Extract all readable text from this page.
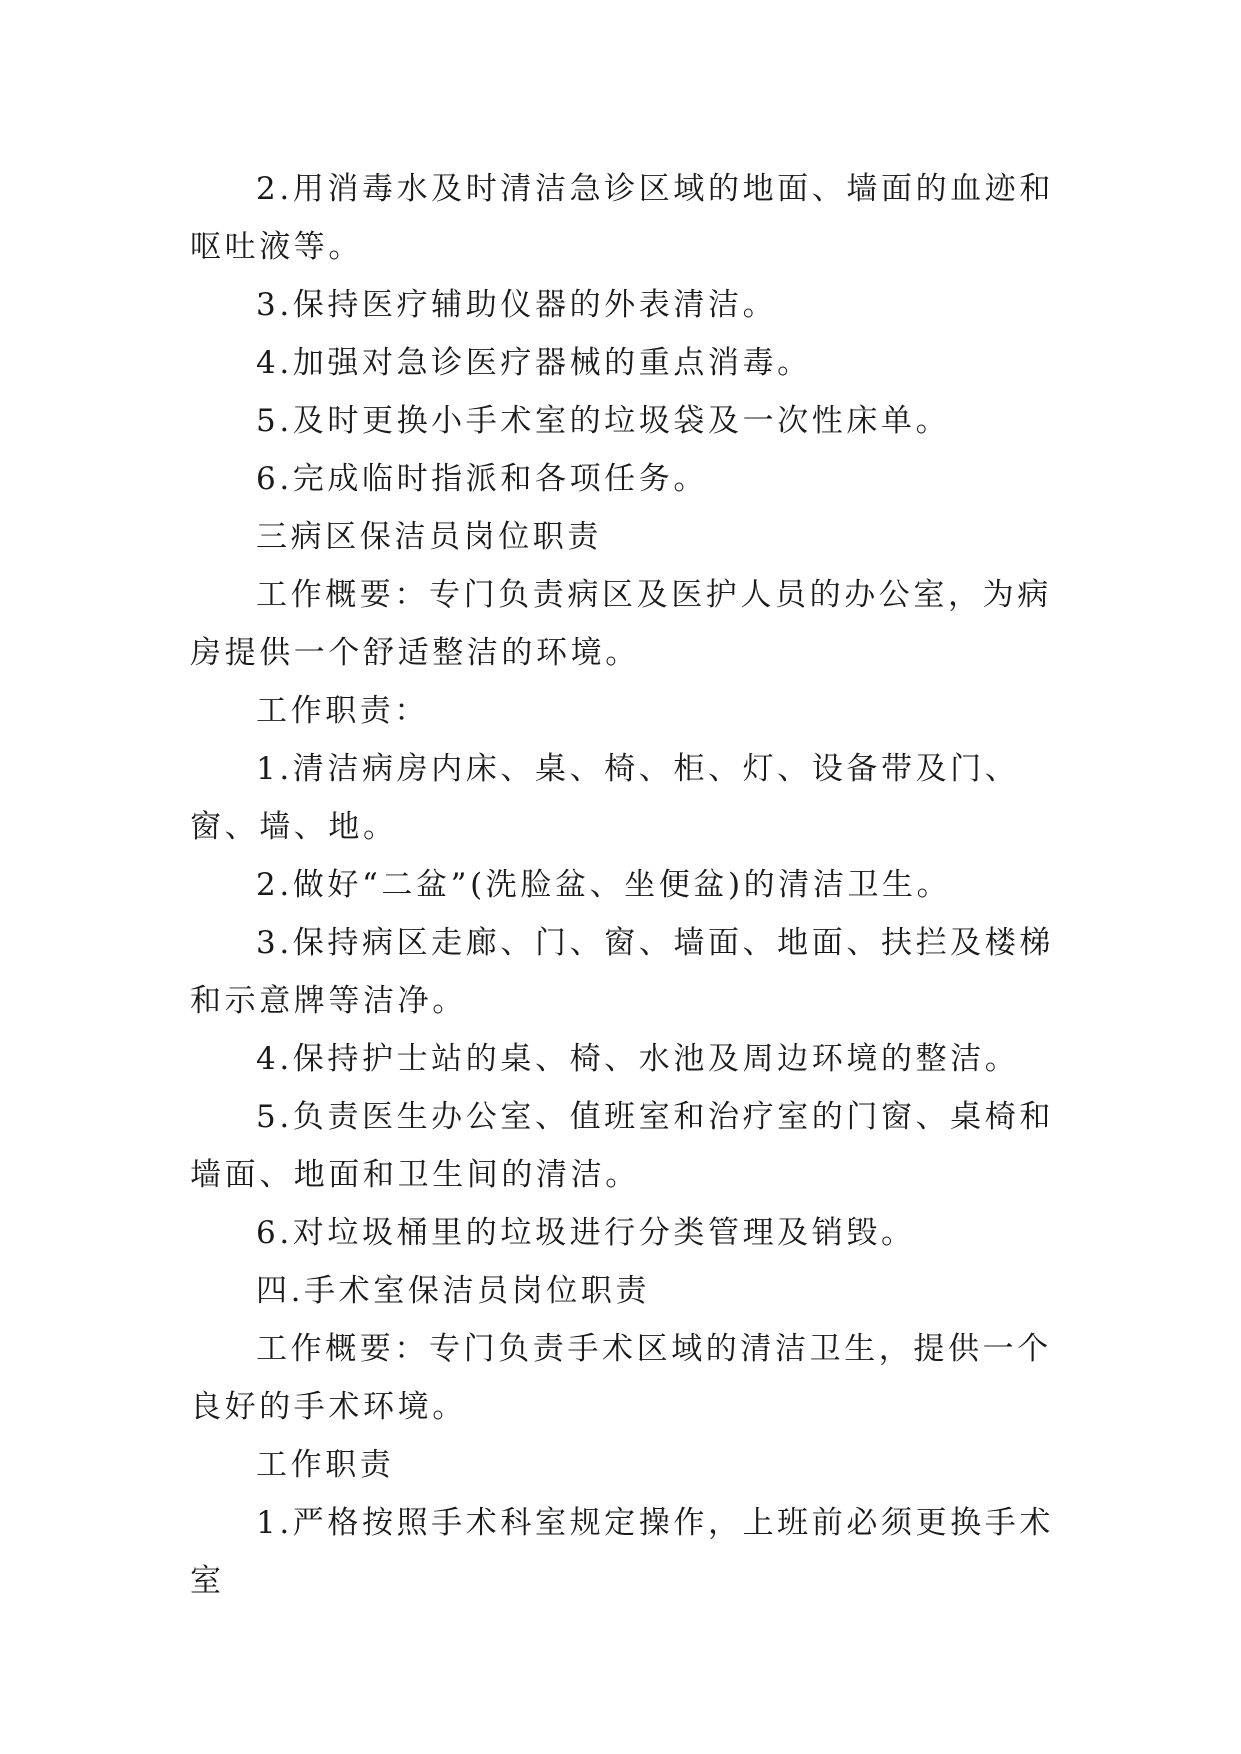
2.用消毒水及时清洁急诊区域的地面、墙面的血迹和呕吐液等。

3.保持医疗辅助仪器的外表清洁。

4.加强对急诊医疗器械的重点消毒。

5.及时更换小手术室的垃圾袋及一次性床单。

6.完成临时指派和各项任务。

三病区保洁员岗位职责

工作概要：专门负责病区及医护人员的办公室，为病房提供一个舒适整洁的环境。

工作职责：

1.清洁病房内床、桌、椅、柜、灯、设备带及门、窗、墙、地。

2.做好“二盆”(洗脸盆、坐便盆)的清洁卫生。

3.保持病区走廊、门、窗、墙面、地面、扶拦及楼梯和示意牌等洁净。

4.保持护士站的桌、椅、水池及周边环境的整洁。

5.负责医生办公室、值班室和治疗室的门窗、桌椅和墙面、地面和卫生间的清洁。

6.对垃圾桶里的垃圾进行分类管理及销毁。

四.手术室保洁员岗位职责

工作概要：专门负责手术区域的清洁卫生，提供一个良好的手术环境。

工作职责

1.严格按照手术科室规定操作，上班前必须更换手术室
